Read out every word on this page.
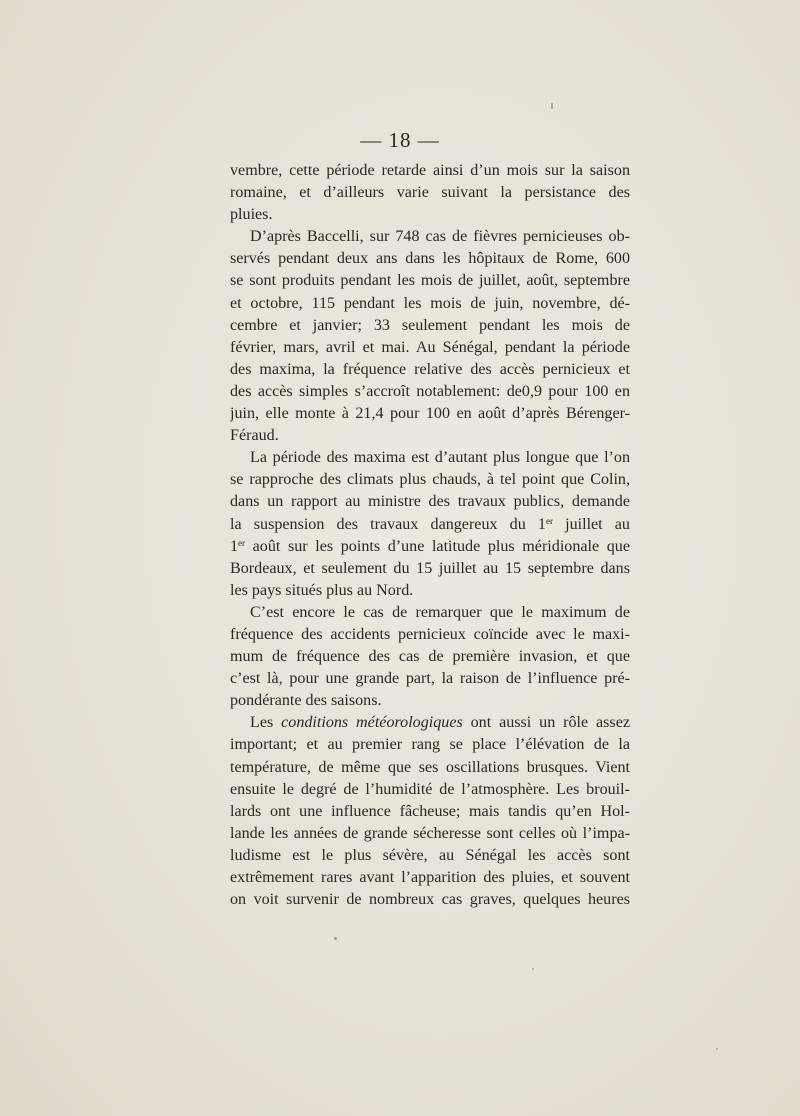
— 18 —
vembre, cette période retarde ainsi d’un mois sur la saison
romaine, et d’ailleurs varie suivant la persistance des
pluies.
D’après Baccelli, sur 748 cas de fièvres pernicieuses ob-
servés pendant deux ans dans les hôpitaux de Rome, 600
se sont produits pendant les mois de juillet, août, septembre
et octobre, 115 pendant les mois de juin, novembre, dé-
cembre et janvier; 33 seulement pendant les mois de
février, mars, avril et mai. Au Sénégal, pendant la période
des maxima, la fréquence relative des accès pernicieux et
des accès simples s’accroît notablement: de0,9 pour 100 en
juin, elle monte à 21,4 pour 100 en août d’après Bérenger-
Féraud.
La période des maxima est d’autant plus longue que l’on
se rapproche des climats plus chauds, à tel point que Colin,
dans un rapport au ministre des travaux publics, demande
la suspension des travaux dangereux du 1er juillet au
1er août sur les points d’une latitude plus méridionale que
Bordeaux, et seulement du 15 juillet au 15 septembre dans
les pays situés plus au Nord.
C’est encore le cas de remarquer que le maximum de
fréquence des accidents pernicieux coïncide avec le maxi-
mum de fréquence des cas de première invasion, et que
c’est là, pour une grande part, la raison de l’influence pré-
pondérante des saisons.
Les conditions météorologiques ont aussi un rôle assez
important; et au premier rang se place l’élévation de la
température, de même que ses oscillations brusques. Vient
ensuite le degré de l’humidité de l’atmosphère. Les brouil-
lards ont une influence fâcheuse; mais tandis qu’en Hol-
lande les années de grande sécheresse sont celles où l’impa-
ludisme est le plus sévère, au Sénégal les accès sont
extrêmement rares avant l’apparition des pluies, et souvent
on voit survenir de nombreux cas graves, quelques heures
